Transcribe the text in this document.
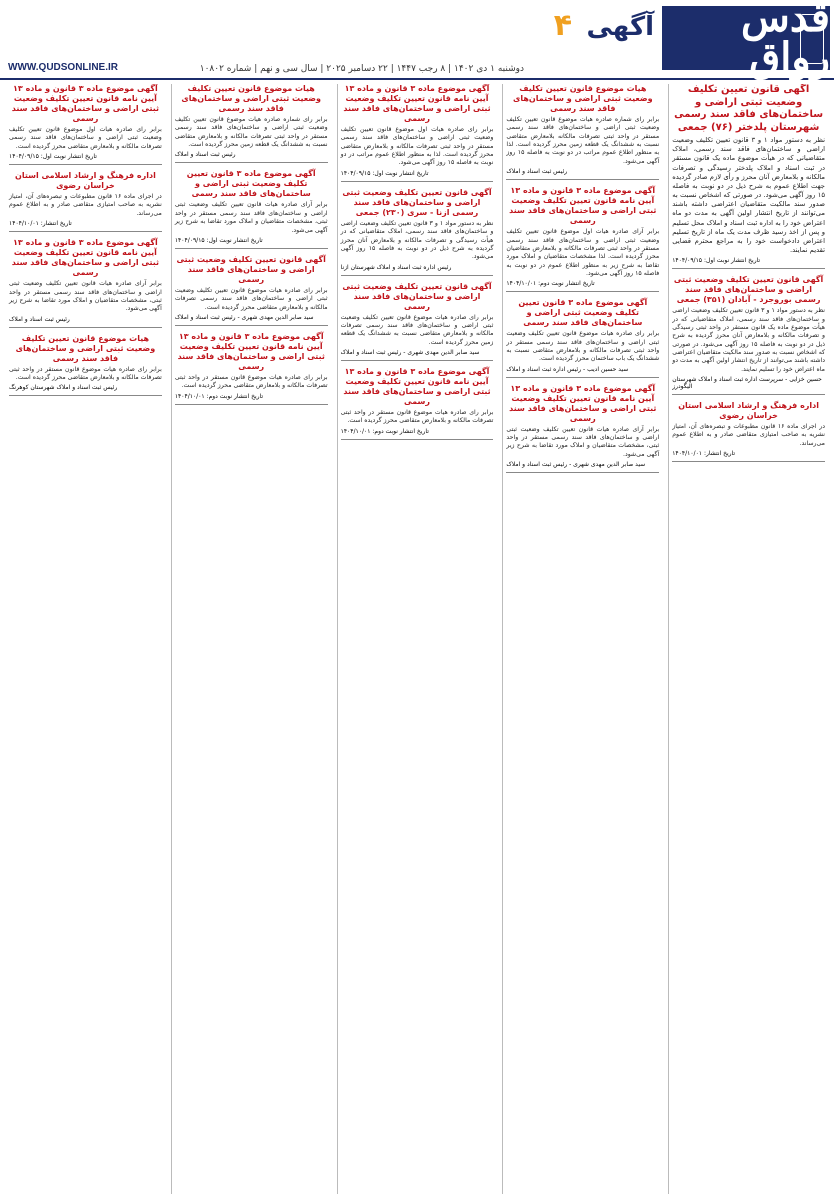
قدس رواق
۴ آگهی
دوشنبه ۱ دی ۱۴۰۲ | ۸ رجب ۱۴۴۷ | ۲۲ دسامبر ۲۰۲۵ | سال سی و نهم | شماره ۱۰۸۰۲
WWW.QUDSONLINE.IR
آگهی قانون تعیین تکلیف وضعیت ثبتی اراضی و ساختمان‌های فاقد سند رسمی شهرستان پلدختر (۷۶) جمعی

نظر به دستور مواد ۱ و ۳ قانون تعیین تکلیف وضعیت اراضی و ساختمان‌های فاقد سند رسمی، املاک متقاضیانی که در هیأت موضوع ماده یک قانون مستقر در ثبت اسناد و املاک پلدختر رسیدگی و تصرفات مالکانه و بلامعارض آنان محرز و رأی لازم صادر گردیده جهت اطلاع عموم به شرح ذیل در دو نوبت به فاصله ۱۵ روز آگهی می‌شود. در صورتی که اشخاص نسبت به صدور سند مالکیت متقاضیان اعتراضی داشته باشند می‌توانند از تاریخ انتشار اولین آگهی به مدت دو ماه اعتراض خود را به اداره ثبت اسناد و املاک محل تسلیم و پس از اخذ رسید ظرف مدت یک ماه از تاریخ تسلیم اعتراض دادخواست خود را به مراجع محترم قضایی تقدیم نمایند.

تاریخ انتشار نوبت اول: ۱۴۰۴/۰۹/۱۵
آگهی قانون تعیین تکلیف وضعیت ثبتی اراضی و ساختمان‌های فاقد سند رسمی بوروجرد - آبادان (۳۵۱) جمعی

نظر به دستور مواد ۱ و ۳ قانون تعیین تکلیف وضعیت اراضی و ساختمان‌های فاقد سند رسمی، املاک متقاضیانی که در هیأت موضوع ماده یک قانون مستقر در واحد ثبتی رسیدگی و تصرفات مالکانه و بلامعارض آنان محرز گردیده به شرح ذیل در دو نوبت به فاصله ۱۵ روز آگهی می‌شود. در صورتی که اشخاص نسبت به صدور سند مالکیت متقاضیان اعتراضی داشته باشند می‌توانند از تاریخ انتشار اولین آگهی به مدت دو ماه اعتراض خود را تسلیم نمایند.

حسین خزایی - سرپرست اداره ثبت اسناد و املاک شهرستان الیگودرز
اداره فرهنگ و ارشاد اسلامی استان خراسان رضوی

در اجرای ماده ۱۶ قانون مطبوعات و تبصره‌های آن، امتیاز نشریه به صاحب امتیازی متقاضی صادر و به اطلاع عموم می‌رساند.

تاریخ انتشار: ۱۴۰۴/۱۰/۰۱
هیات موضوع قانون تعیین تکلیف وضعیت ثبتی اراضی و ساختمان‌های فاقد سند رسمی

برابر رای شماره صادره هیات موضوع قانون تعیین تکلیف وضعیت ثبتی اراضی و ساختمان‌های فاقد سند رسمی مستقر در واحد ثبتی تصرفات مالکانه بلامعارض متقاضی نسبت به ششدانگ یک قطعه زمین محرز گردیده است. لذا به منظور اطلاع عموم مراتب در دو نوبت به فاصله ۱۵ روز آگهی می‌شود.

رئیس ثبت اسناد و املاک
آگهی موضوع ماده ۳ قانون و ماده ۱۳ آیین نامه قانون تعیین تکلیف وضعیت ثبتی اراضی و ساختمان‌های فاقد سند رسمی

برابر آرای صادره هیات اول موضوع قانون تعیین تکلیف وضعیت ثبتی اراضی و ساختمان‌های فاقد سند رسمی مستقر در واحد ثبتی تصرفات مالکانه و بلامعارض متقاضیان محرز گردیده است. لذا مشخصات متقاضیان و املاک مورد تقاضا به شرح زیر به منظور اطلاع عموم در دو نوبت به فاصله ۱۵ روز آگهی می‌شود.

تاریخ انتشار نوبت دوم: ۱۴۰۴/۱۰/۰۱
آگهی موضوع ماده ۳ قانون تعیین تکلیف وضعیت ثبتی اراضی و ساختمان‌های فاقد سند رسمی

برابر رای صادره هیات موضوع قانون تعیین تکلیف وضعیت ثبتی اراضی و ساختمان‌های فاقد سند رسمی مستقر در واحد ثبتی تصرفات مالکانه و بلامعارض متقاضی نسبت به ششدانگ یک باب ساختمان محرز گردیده است.

سید حسین ادیب - رئیس اداره ثبت اسناد و املاک
آگهی موضوع ماده ۳ قانون و ماده ۱۳ آیین نامه قانون تعیین تکلیف وضعیت ثبتی اراضی و ساختمان‌های فاقد سند رسمی

برابر آرای صادره هیات قانون تعیین تکلیف وضعیت ثبتی اراضی و ساختمان‌های فاقد سند رسمی مستقر در واحد ثبتی، مشخصات متقاضیان و املاک مورد تقاضا به شرح زیر آگهی می‌شود.

سید صابر الدین مهدی شهری - رئیس ثبت اسناد و املاک
آگهی موضوع ماده ۳ قانون و ماده ۱۳ آیین نامه قانون تعیین تکلیف وضعیت ثبتی اراضی و ساختمان‌های فاقد سند رسمی

برابر رای صادره هیات اول موضوع قانون تعیین تکلیف وضعیت ثبتی اراضی و ساختمان‌های فاقد سند رسمی مستقر در واحد ثبتی تصرفات مالکانه و بلامعارض متقاضی محرز گردیده است. لذا به منظور اطلاع عموم مراتب در دو نوبت به فاصله ۱۵ روز آگهی می‌شود.

تاریخ انتشار نوبت اول: ۱۴۰۴/۰۹/۱۵
آگهی قانون تعیین تکلیف وضعیت ثبتی اراضی و ساختمان‌های فاقد سند رسمی ازنا - سری (۲۳۰) جمعی

نظر به دستور مواد ۱ و ۳ قانون تعیین تکلیف وضعیت اراضی و ساختمان‌های فاقد سند رسمی، املاک متقاضیانی که در هیأت رسیدگی و تصرفات مالکانه و بلامعارض آنان محرز گردیده به شرح ذیل در دو نوبت به فاصله ۱۵ روز آگهی می‌شود.

رئیس اداره ثبت اسناد و املاک شهرستان ازنا
آگهی قانون تعیین تکلیف وضعیت ثبتی اراضی و ساختمان‌های فاقد سند رسمی

برابر رای صادره هیات موضوع قانون تعیین تکلیف وضعیت ثبتی اراضی و ساختمان‌های فاقد سند رسمی تصرفات مالکانه و بلامعارض متقاضی نسبت به ششدانگ یک قطعه زمین محرز گردیده است.

سید صابر الدین مهدی شهری - رئیس ثبت اسناد و املاک
آگهی موضوع ماده ۳ قانون و ماده ۱۳ آیین نامه قانون تعیین تکلیف وضعیت ثبتی اراضی و ساختمان‌های فاقد سند رسمی

برابر رای صادره هیات موضوع قانون مستقر در واحد ثبتی تصرفات مالکانه و بلامعارض متقاضی محرز گردیده است.

تاریخ انتشار نوبت دوم: ۱۴۰۴/۱۰/۰۱
هیات موضوع قانون تعیین تکلیف وضعیت ثبتی اراضی و ساختمان‌های فاقد سند رسمی

برابر رای شماره صادره هیات موضوع قانون تعیین تکلیف وضعیت ثبتی اراضی و ساختمان‌های فاقد سند رسمی مستقر در واحد ثبتی تصرفات مالکانه و بلامعارض متقاضی نسبت به ششدانگ یک قطعه زمین محرز گردیده است.

رئیس ثبت اسناد و املاک
آگهی موضوع ماده ۳ قانون تعیین تکلیف وضعیت ثبتی اراضی و ساختمان‌های فاقد سند رسمی

برابر آرای صادره هیات قانون تعیین تکلیف وضعیت ثبتی اراضی و ساختمان‌های فاقد سند رسمی مستقر در واحد ثبتی، مشخصات متقاضیان و املاک مورد تقاضا به شرح زیر آگهی می‌شود.

تاریخ انتشار نوبت اول: ۱۴۰۴/۰۹/۱۵
آگهی قانون تعیین تکلیف وضعیت ثبتی اراضی و ساختمان‌های فاقد سند رسمی

برابر رای صادره هیات موضوع قانون تعیین تکلیف وضعیت ثبتی اراضی و ساختمان‌های فاقد سند رسمی تصرفات مالکانه و بلامعارض متقاضی محرز گردیده است.

سید صابر الدین مهدی شهری - رئیس ثبت اسناد و املاک
آگهی موضوع ماده ۳ قانون و ماده ۱۳ آیین نامه قانون تعیین تکلیف وضعیت ثبتی اراضی و ساختمان‌های فاقد سند رسمی

برابر رای صادره هیات موضوع قانون مستقر در واحد ثبتی تصرفات مالکانه و بلامعارض متقاضی محرز گردیده است.

تاریخ انتشار نوبت دوم: ۱۴۰۴/۱۰/۰۱
آگهی موضوع ماده ۳ قانون و ماده ۱۳ آیین نامه قانون تعیین تکلیف وضعیت ثبتی اراضی و ساختمان‌های فاقد سند رسمی

برابر رای صادره هیات اول موضوع قانون تعیین تکلیف وضعیت ثبتی اراضی و ساختمان‌های فاقد سند رسمی تصرفات مالکانه و بلامعارض متقاضی محرز گردیده است.

تاریخ انتشار نوبت اول: ۱۴۰۴/۰۹/۱۵
اداره فرهنگ و ارشاد اسلامی استان خراسان رضوی

در اجرای ماده ۱۶ قانون مطبوعات و تبصره‌های آن، امتیاز نشریه به صاحب امتیازی متقاضی صادر و به اطلاع عموم می‌رساند.

تاریخ انتشار: ۱۴۰۴/۱۰/۰۱
آگهی موضوع ماده ۳ قانون و ماده ۱۳ آیین نامه قانون تعیین تکلیف وضعیت ثبتی اراضی و ساختمان‌های فاقد سند رسمی

برابر آرای صادره هیات قانون تعیین تکلیف وضعیت ثبتی اراضی و ساختمان‌های فاقد سند رسمی مستقر در واحد ثبتی، مشخصات متقاضیان و املاک مورد تقاضا به شرح زیر آگهی می‌شود.

رئیس ثبت اسناد و املاک
هیات موضوع قانون تعیین تکلیف وضعیت ثبتی اراضی و ساختمان‌های فاقد سند رسمی

برابر رای صادره هیات موضوع قانون مستقر در واحد ثبتی تصرفات مالکانه و بلامعارض متقاضی محرز گردیده است.

رئیس ثبت اسناد و املاک شهرستان کوهرنگ
